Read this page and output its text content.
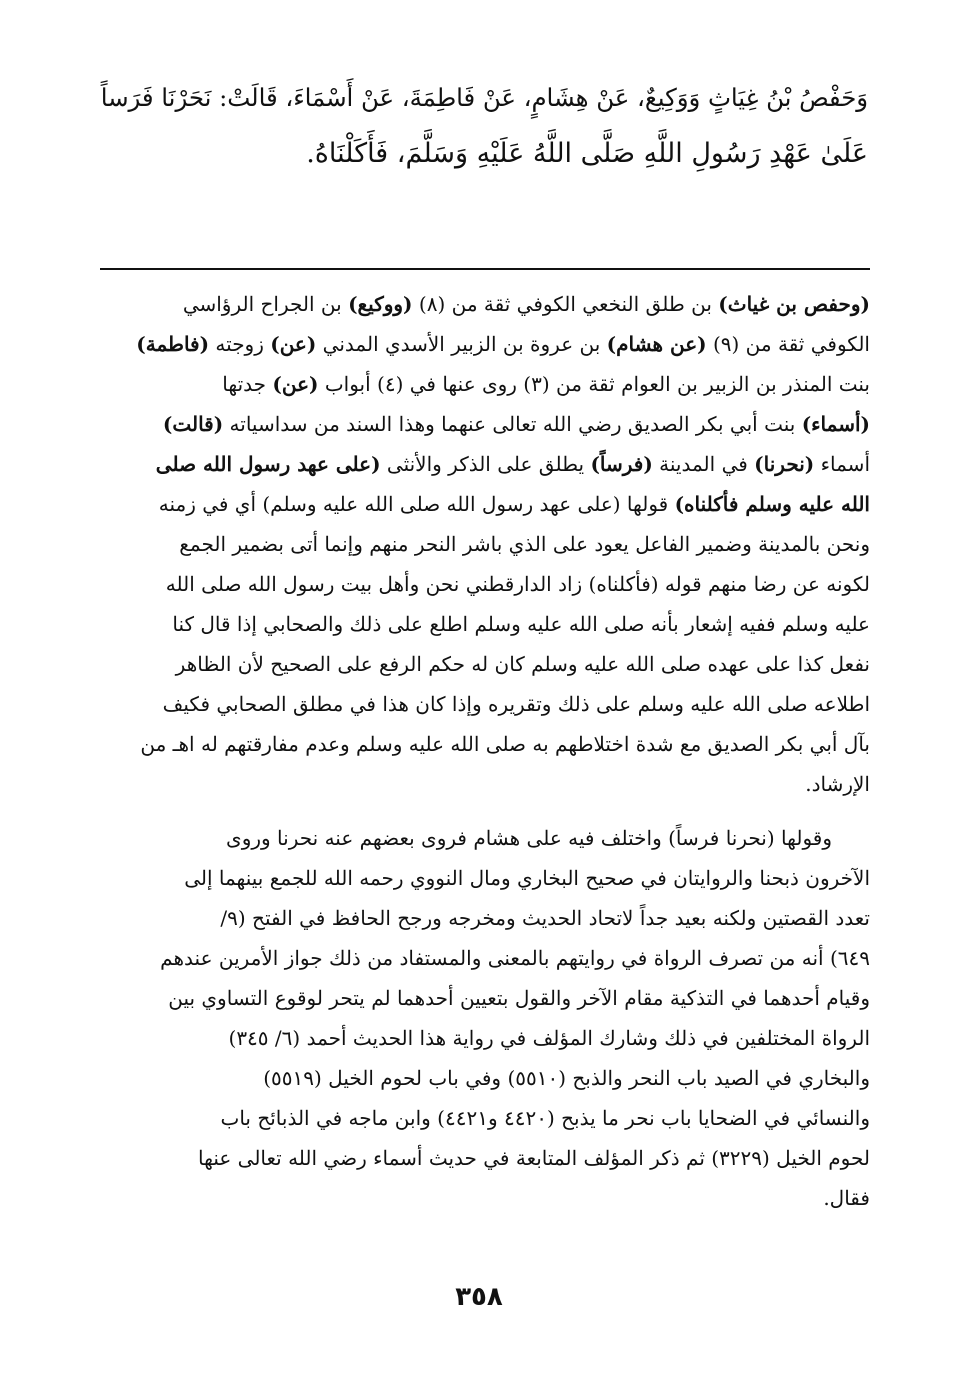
وَحَفْصُ بْنُ غِيَاثٍ وَوَكِيعٌ، عَنْ هِشَامٍ، عَنْ فَاطِمَةَ، عَنْ أَسْمَاءَ، قَالَتْ: نَحَرْنَا فَرَساً
عَلَىٰ عَهْدِ رَسُولِ اللَّهِ صَلَّى اللَّهُ عَلَيْهِ وَسَلَّمَ، فَأَكَلْنَاهُ.
(وحفص بن غياث) بن طلق النخعي الكوفي ثقة من (٨) (ووكيع) بن الجراح الرؤاسي
الكوفي ثقة من (٩) (عن هشام) بن عروة بن الزبير الأسدي المدني (عن) زوجته (فاطمة)
بنت المنذر بن الزبير بن العوام ثقة من (٣) روى عنها في (٤) أبواب (عن) جدتها
(أسماء) بنت أبي بكر الصديق رضي الله تعالى عنهما وهذا السند من سداسياته (قالت)
أسماء (نحرنا) في المدينة (فرساً) يطلق على الذكر والأنثى (على عهد رسول الله صلى
الله عليه وسلم فأكلناه) قولها (على عهد رسول الله صلى الله عليه وسلم) أي في زمنه
ونحن بالمدينة وضمير الفاعل يعود على الذي باشر النحر منهم وإنما أتى بضمير الجمع
لكونه عن رضا منهم قوله (فأكلناه) زاد الدارقطني نحن وأهل بيت رسول الله صلى الله
عليه وسلم ففيه إشعار بأنه صلى الله عليه وسلم اطلع على ذلك والصحابي إذا قال كنا
نفعل كذا على عهده صلى الله عليه وسلم كان له حكم الرفع على الصحيح لأن الظاهر
اطلاعه صلى الله عليه وسلم على ذلك وتقريره وإذا كان هذا في مطلق الصحابي فكيف
بآل أبي بكر الصديق مع شدة اختلاطهم به صلى الله عليه وسلم وعدم مفارقتهم له اهـ من
الإرشاد.
وقولها (نحرنا فرساً) واختلف فيه على هشام فروى بعضهم عنه نحرنا وروى
الآخرون ذبحنا والروايتان في صحيح البخاري ومال النووي رحمه الله للجمع بينهما إلى
تعدد القصتين ولكنه بعيد جداً لاتحاد الحديث ومخرجه ورجح الحافظ في الفتح (٩/
٦٤٩) أنه من تصرف الرواة في روايتهم بالمعنى والمستفاد من ذلك جواز الأمرين عندهم
وقيام أحدهما في التذكية مقام الآخر والقول بتعيين أحدهما لم يتحر لوقوع التساوي بين
الرواة المختلفين في ذلك وشارك المؤلف في رواية هذا الحديث أحمد (٦/ ٣٤٥)
والبخاري في الصيد باب النحر والذبح (٥٥١٠) وفي باب لحوم الخيل (٥٥١٩)
والنسائي في الضحايا باب نحر ما يذبح (٤٤٢٠ و٤٤٢١) وابن ماجه في الذبائح باب
لحوم الخيل (٣٢٢٩) ثم ذكر المؤلف المتابعة في حديث أسماء رضي الله تعالى عنها
فقال.
٣٥٨
